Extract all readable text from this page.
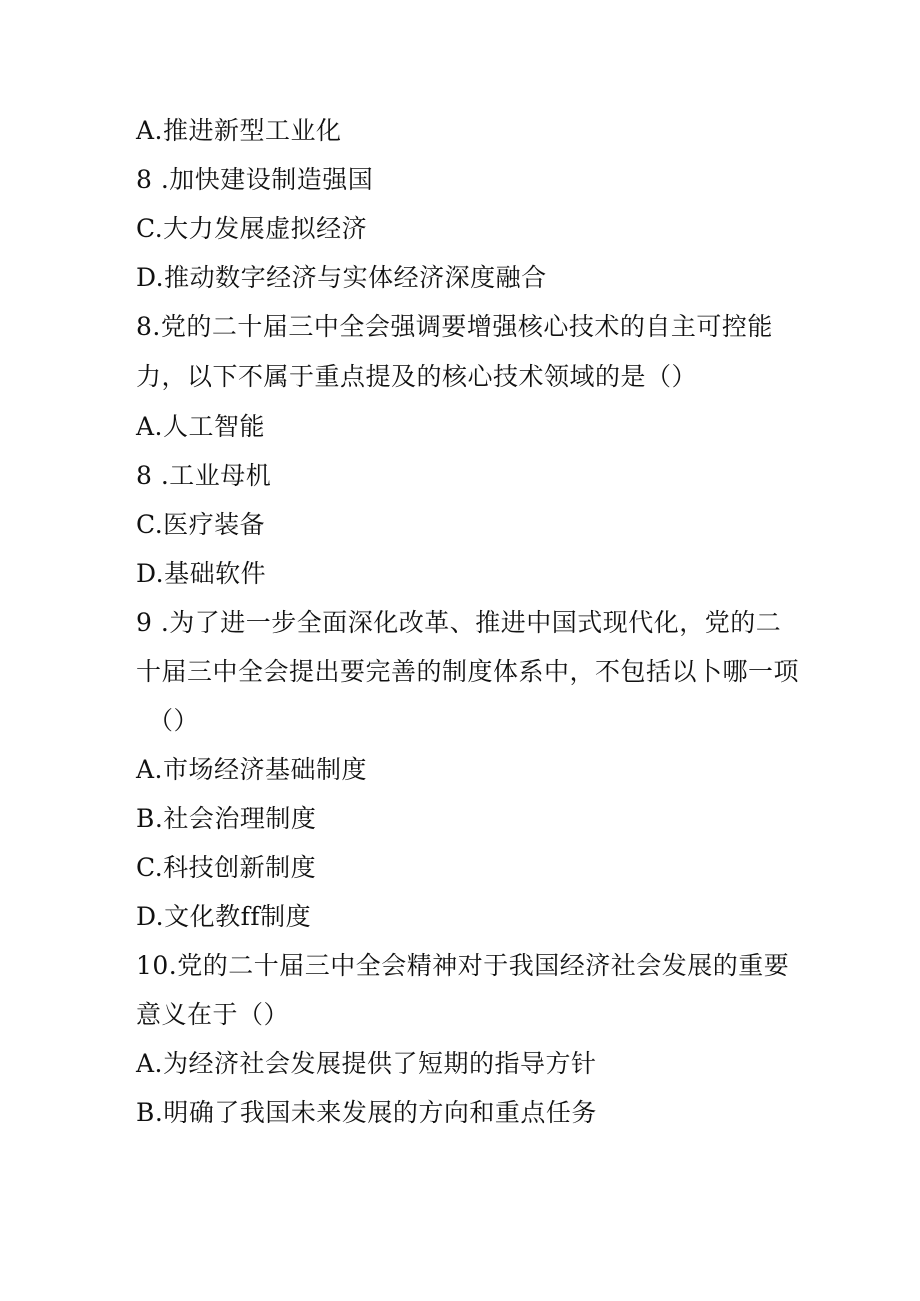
A.推进新型工业化
8 .加快建设制造强国
C.大力发展虚拟经济
D.推动数字经济与实体经济深度融合
8.党的二十届三中全会强调要增强核心技术的自主可控能
力，以下不属于重点提及的核心技术领域的是（）
A.人工智能
8 .工业母机
C.医疗装备
D.基础软件
9 .为了进一步全面深化改革、推进中国式现代化，党的二
十届三中全会提出要完善的制度体系中，不包括以卜哪一项
（）
A.市场经济基础制度
B.社会治理制度
C.科技创新制度
D.文化教ff制度
10.党的二十届三中全会精神对于我国经济社会发展的重要
意义在于（）
A.为经济社会发展提供了短期的指导方针
B.明确了我国未来发展的方向和重点任务
